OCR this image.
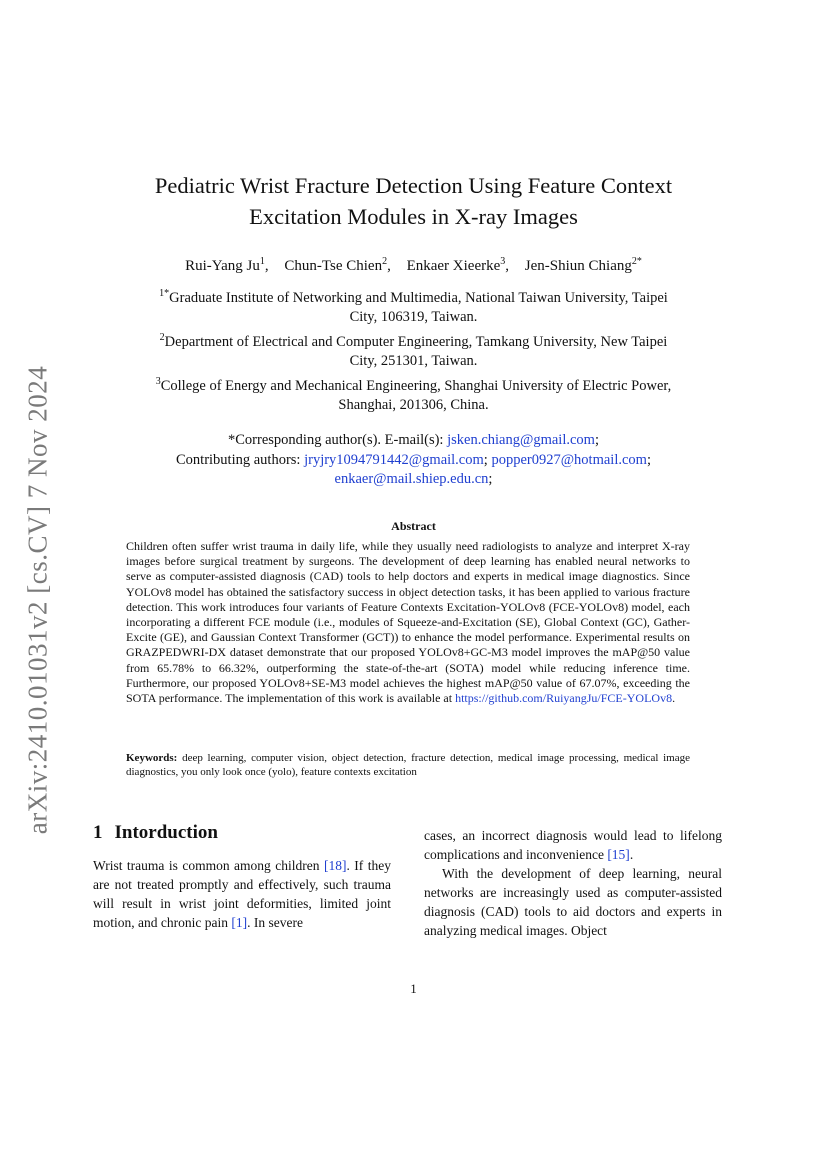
arXiv:2410.01031v2 [cs.CV] 7 Nov 2024
Pediatric Wrist Fracture Detection Using Feature Context
Excitation Modules in X-ray Images
Rui-Yang Ju$^1$, Chun-Tse Chien$^2$, Enkaer Xieerke$^3$, Jen-Shiun Chiang$^{2*}$
$^{1*}$Graduate Institute of Networking and Multimedia, National Taiwan University, Taipei
City, 106319, Taiwan.
$^2$Department of Electrical and Computer Engineering, Tamkang University, New Taipei
City, 251301, Taiwan.
$^3$College of Energy and Mechanical Engineering, Shanghai University of Electric Power,
Shanghai, 201306, China.
*Corresponding author(s). E-mail(s): jsken.chiang@gmail.com;
Contributing authors: jryjry1094791442@gmail.com; popper0927@hotmail.com;
enkaer@mail.shiep.edu.cn;
Abstract
Children often suffer wrist trauma in daily life, while they usually need radiologists to analyze and interpret X-ray images before surgical treatment by surgeons. The development of deep learning has enabled neural networks to serve as computer-assisted diagnosis (CAD) tools to help doctors and experts in medical image diagnostics. Since YOLOv8 model has obtained the satisfactory success in object detection tasks, it has been applied to various fracture detection. This work introduces four variants of Feature Contexts Excitation-YOLOv8 (FCE-YOLOv8) model, each incorporating a different FCE module (i.e., modules of Squeeze-and-Excitation (SE), Global Context (GC), Gather-Excite (GE), and Gaussian Context Transformer (GCT)) to enhance the model performance. Experimental results on GRAZPEDWRI-DX dataset demonstrate that our proposed YOLOv8+GC-M3 model improves the mAP@50 value from 65.78% to 66.32%, outperforming the state-of-the-art (SOTA) model while reducing inference time. Furthermore, our proposed YOLOv8+SE-M3 model achieves the highest mAP@50 value of 67.07%, exceeding the SOTA performance. The implementation of this work is available at https://github.com/RuiyangJu/FCE-YOLOv8.
Keywords: deep learning, computer vision, object detection, fracture detection, medical image processing, medical image diagnostics, you only look once (yolo), feature contexts excitation
1 Intorduction

Wrist trauma is common among children [18]. If they are not treated promptly and effectively, such trauma will result in wrist joint deformities, limited joint motion, and chronic pain [1]. In severe

cases, an incorrect diagnosis would lead to lifelong complications and inconvenience [15].

With the development of deep learning, neural networks are increasingly used as computer-assisted diagnosis (CAD) tools to aid doctors and experts in analyzing medical images. Object

1
